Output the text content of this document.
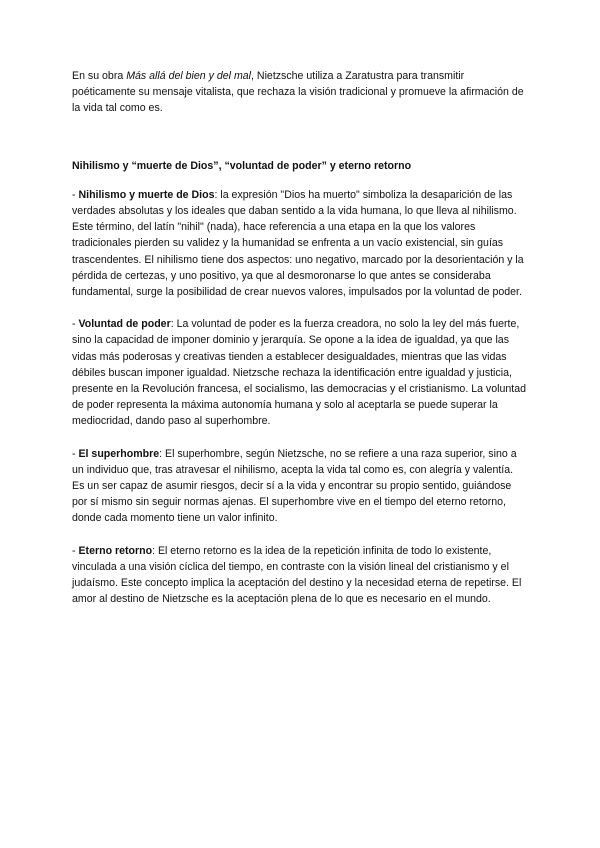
En su obra Más allá del bien y del mal, Nietzsche utiliza a Zaratustra para transmitir poéticamente su mensaje vitalista, que rechaza la visión tradicional y promueve la afirmación de la vida tal como es.

Nihilismo y “muerte de Dios”, “voluntad de poder” y eterno retorno

- Nihilismo y muerte de Dios: la expresión "Dios ha muerto" simboliza la desaparición de las verdades absolutas y los ideales que daban sentido a la vida humana, lo que lleva al nihilismo. Este término, del latín "nihil" (nada), hace referencia a una etapa en la que los valores tradicionales pierden su validez y la humanidad se enfrenta a un vacío existencial, sin guías trascendentes. El nihilismo tiene dos aspectos: uno negativo, marcado por la desorientación y la pérdida de certezas, y uno positivo, ya que al desmoronarse lo que antes se consideraba fundamental, surge la posibilidad de crear nuevos valores, impulsados por la voluntad de poder.

- Voluntad de poder: La voluntad de poder es la fuerza creadora, no solo la ley del más fuerte, sino la capacidad de imponer dominio y jerarquía. Se opone a la idea de igualdad, ya que las vidas más poderosas y creativas tienden a establecer desigualdades, mientras que las vidas débiles buscan imponer igualdad. Nietzsche rechaza la identificación entre igualdad y justicia, presente en la Revolución francesa, el socialismo, las democracias y el cristianismo. La voluntad de poder representa la máxima autonomía humana y solo al aceptarla se puede superar la mediocridad, dando paso al superhombre.

- El superhombre: El superhombre, según Nietzsche, no se refiere a una raza superior, sino a un individuo que, tras atravesar el nihilismo, acepta la vida tal como es, con alegría y valentía. Es un ser capaz de asumir riesgos, decir sí a la vida y encontrar su propio sentido, guiándose por sí mismo sin seguir normas ajenas. El superhombre vive en el tiempo del eterno retorno, donde cada momento tiene un valor infinito.

- Eterno retorno: El eterno retorno es la idea de la repetición infinita de todo lo existente, vinculada a una visión cíclica del tiempo, en contraste con la visión lineal del cristianismo y el judaísmo. Este concepto implica la aceptación del destino y la necesidad eterna de repetirse. El amor al destino de Nietzsche es la aceptación plena de lo que es necesario en el mundo.
